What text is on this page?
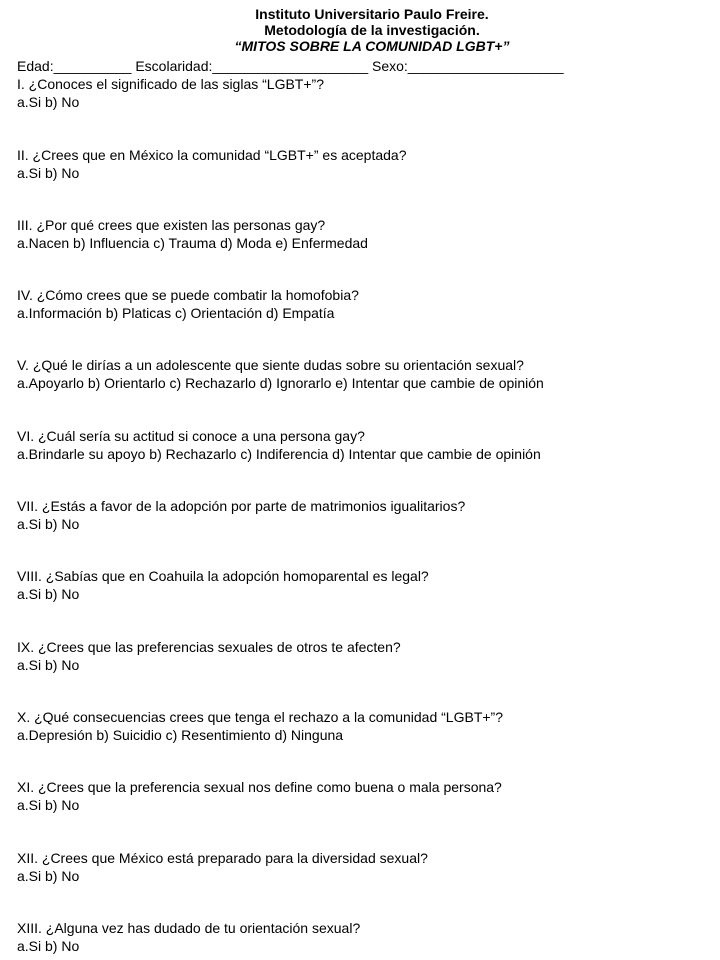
Instituto Universitario Paulo Freire.
Metodología de la investigación.
“MITOS SOBRE LA COMUNIDAD LGBT+”
Edad:__________ Escolaridad:____________________ Sexo:____________________
I. ¿Conoces el significado de las siglas “LGBT+”?
a.Si b) No
II. ¿Crees que en México la comunidad “LGBT+” es aceptada?
a.Si b) No
III. ¿Por qué crees que existen las personas gay?
a.Nacen b) Influencia c) Trauma d) Moda e) Enfermedad
IV. ¿Cómo crees que se puede combatir la homofobia?
a.Información b) Platicas c) Orientación d) Empatía
V. ¿Qué le dirías a un adolescente que siente dudas sobre su orientación sexual?
a.Apoyarlo b) Orientarlo c) Rechazarlo d) Ignorarlo e) Intentar que cambie de opinión
VI. ¿Cuál sería su actitud si conoce a una persona gay?
a.Brindarle su apoyo b) Rechazarlo c) Indiferencia d) Intentar que cambie de opinión
VII. ¿Estás a favor de la adopción por parte de matrimonios igualitarios?
a.Si b) No
VIII. ¿Sabías que en Coahuila la adopción homoparental es legal?
a.Si b) No
IX. ¿Crees que las preferencias sexuales de otros te afecten?
a.Si b) No
X. ¿Qué consecuencias crees que tenga el rechazo a la comunidad “LGBT+”?
a.Depresión b) Suicidio c) Resentimiento d) Ninguna
XI. ¿Crees que la preferencia sexual nos define como buena o mala persona?
a.Si b) No
XII. ¿Crees que México está preparado para la diversidad sexual?
a.Si b) No
XIII. ¿Alguna vez has dudado de tu orientación sexual?
a.Si b) No
